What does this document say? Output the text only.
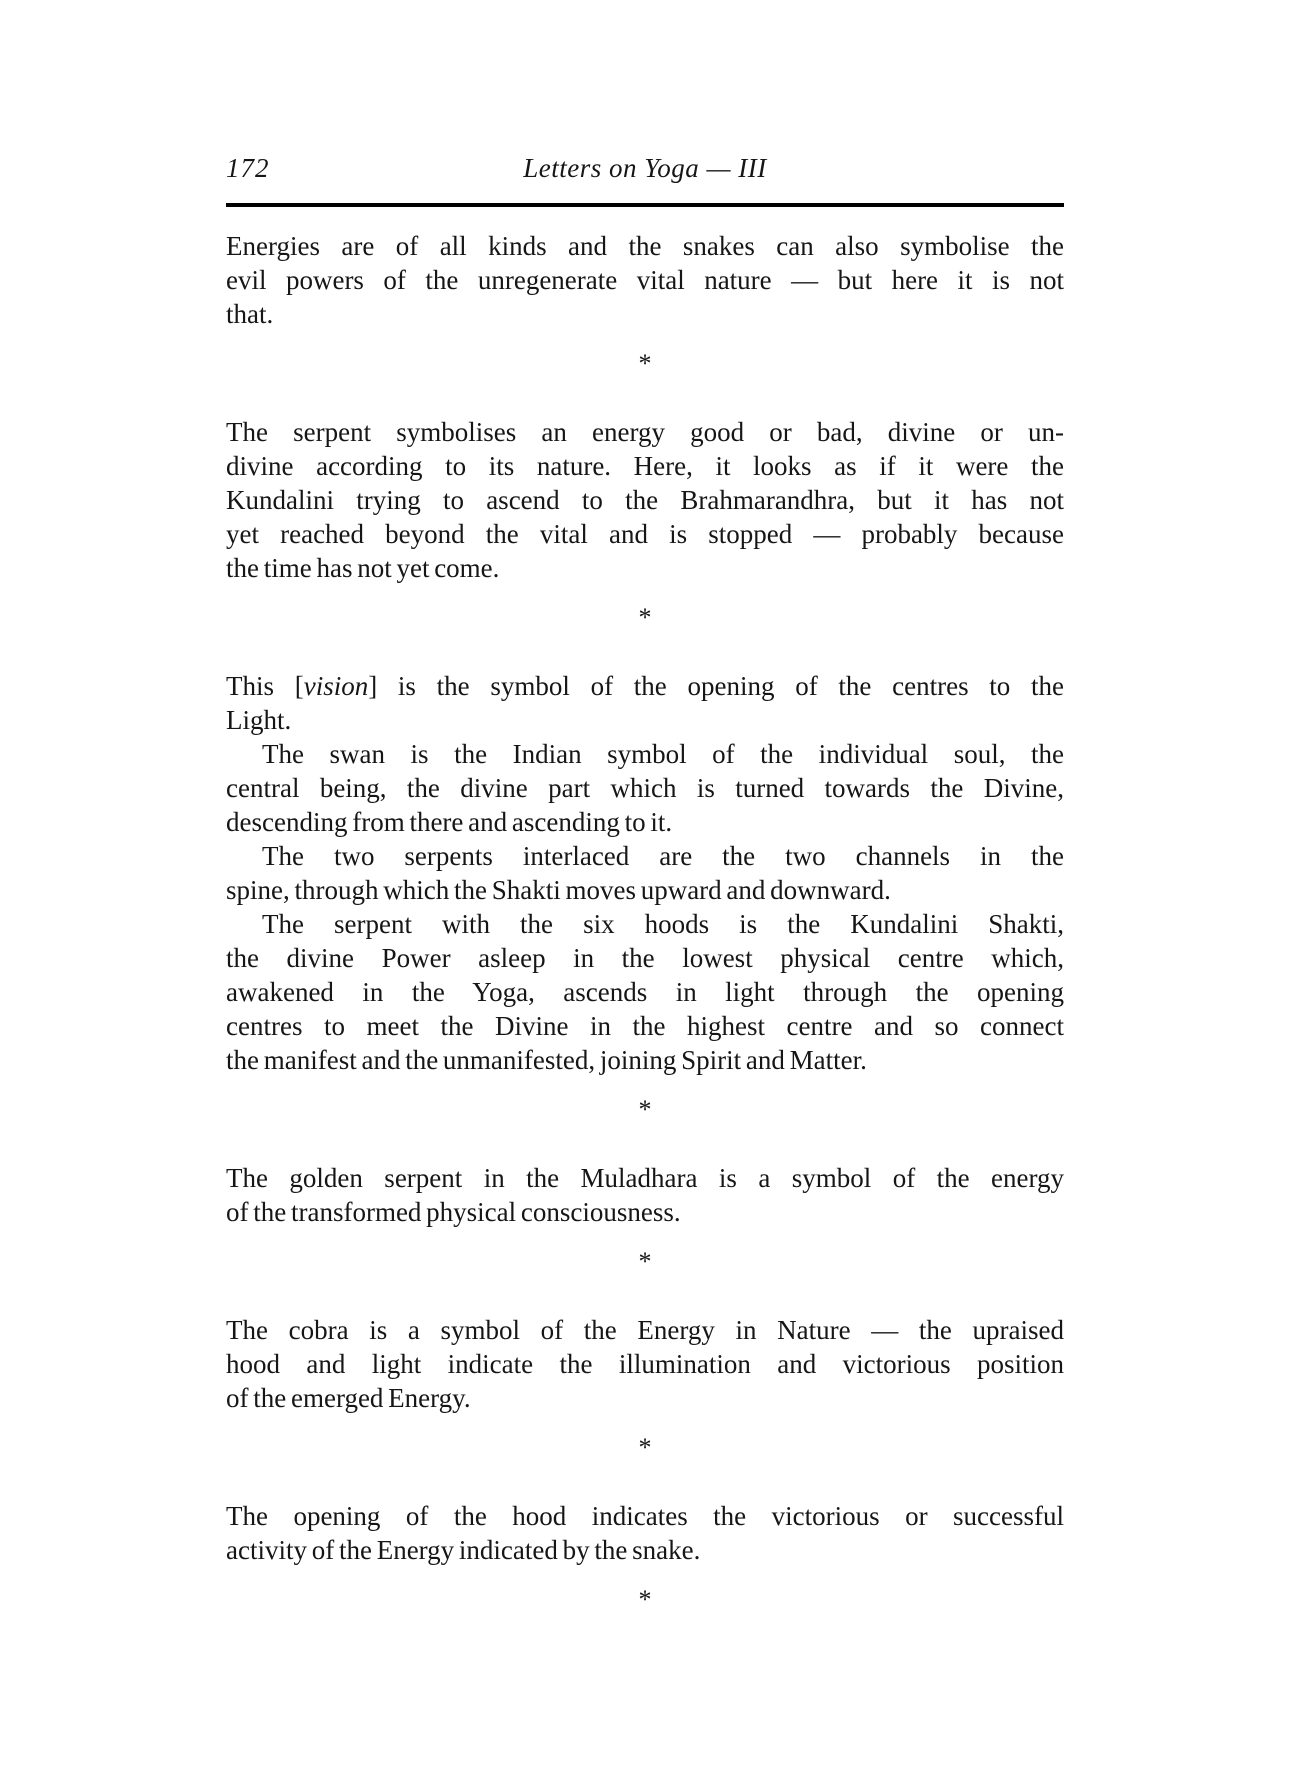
172	Letters on Yoga — III
Energies are of all kinds and the snakes can also symbolise the
evil powers of the unregenerate vital nature — but here it is not
that.
*
The serpent symbolises an energy good or bad, divine or un-
divine according to its nature. Here, it looks as if it were the
Kundalini trying to ascend to the Brahmarandhra, but it has not
yet reached beyond the vital and is stopped — probably because
the time has not yet come.
*
This [vision] is the symbol of the opening of the centres to the
Light.
The swan is the Indian symbol of the individual soul, the
central being, the divine part which is turned towards the Divine,
descending from there and ascending to it.
The two serpents interlaced are the two channels in the
spine, through which the Shakti moves upward and downward.
The serpent with the six hoods is the Kundalini Shakti,
the divine Power asleep in the lowest physical centre which,
awakened in the Yoga, ascends in light through the opening
centres to meet the Divine in the highest centre and so connect
the manifest and the unmanifested, joining Spirit and Matter.
*
The golden serpent in the Muladhara is a symbol of the energy
of the transformed physical consciousness.
*
The cobra is a symbol of the Energy in Nature — the upraised
hood and light indicate the illumination and victorious position
of the emerged Energy.
*
The opening of the hood indicates the victorious or successful
activity of the Energy indicated by the snake.
*
